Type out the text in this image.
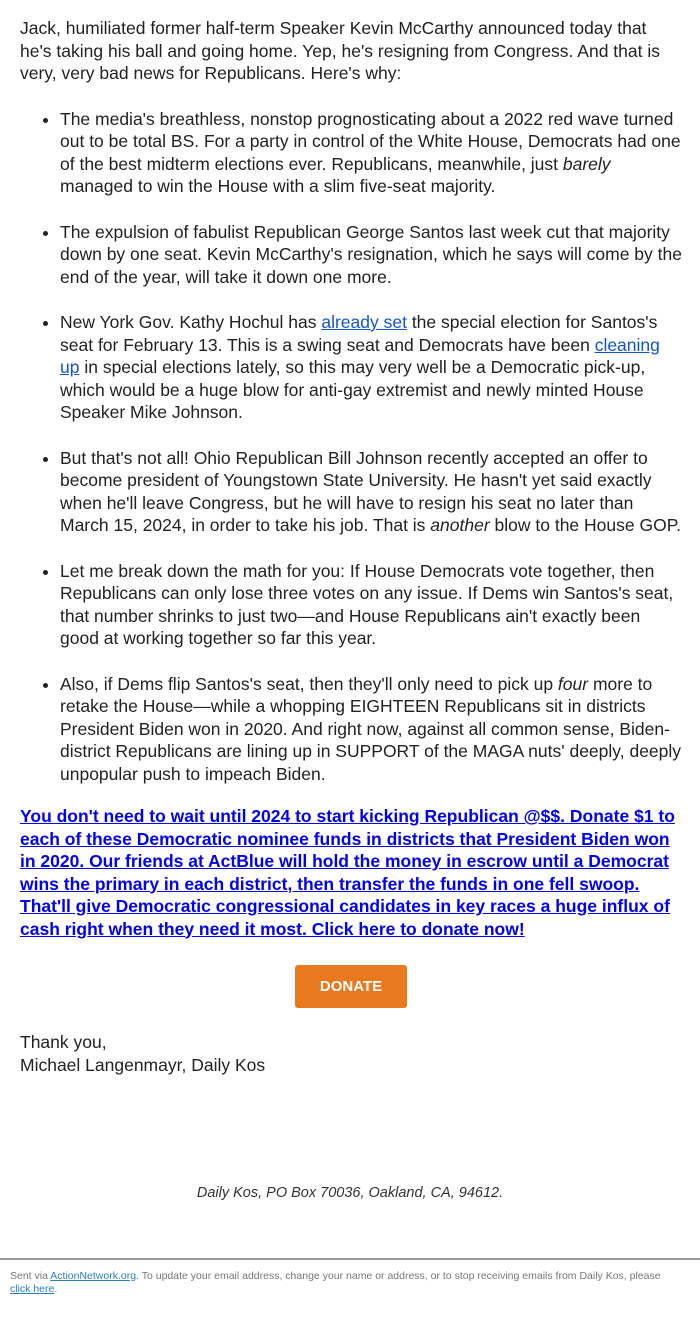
Jack, humiliated former half-term Speaker Kevin McCarthy announced today that he's taking his ball and going home. Yep, he's resigning from Congress. And that is very, very bad news for Republicans. Here's why:

• The media's breathless, nonstop prognosticating about a 2022 red wave turned out to be total BS. For a party in control of the White House, Democrats had one of the best midterm elections ever. Republicans, meanwhile, just barely managed to win the House with a slim five-seat majority.
• The expulsion of fabulist Republican George Santos last week cut that majority down by one seat. Kevin McCarthy's resignation, which he says will come by the end of the year, will take it down one more.
• New York Gov. Kathy Hochul has already set the special election for Santos's seat for February 13. This is a swing seat and Democrats have been cleaning up in special elections lately, so this may very well be a Democratic pick-up, which would be a huge blow for anti-gay extremist and newly minted House Speaker Mike Johnson.
• But that's not all! Ohio Republican Bill Johnson recently accepted an offer to become president of Youngstown State University. He hasn't yet said exactly when he'll leave Congress, but he will have to resign his seat no later than March 15, 2024, in order to take his job. That is another blow to the House GOP.
• Let me break down the math for you: If House Democrats vote together, then Republicans can only lose three votes on any issue. If Dems win Santos's seat, that number shrinks to just two—and House Republicans ain't exactly been good at working together so far this year.
• Also, if Dems flip Santos's seat, then they'll only need to pick up four more to retake the House—while a whopping EIGHTEEN Republicans sit in districts President Biden won in 2020. And right now, against all common sense, Biden-district Republicans are lining up in SUPPORT of the MAGA nuts' deeply, deeply unpopular push to impeach Biden.

You don't need to wait until 2024 to start kicking Republican @$$. Donate $1 to each of these Democratic nominee funds in districts that President Biden won in 2020. Our friends at ActBlue will hold the money in escrow until a Democrat wins the primary in each district, then transfer the funds in one fell swoop. That'll give Democratic congressional candidates in key races a huge influx of cash right when they need it most. Click here to donate now!

DONATE
Thank you,
Michael Langenmayr, Daily Kos
Daily Kos, PO Box 70036, Oakland, CA, 94612.
Sent via ActionNetwork.org. To update your email address, change your name or address, or to stop receiving emails from Daily Kos, please click here.
